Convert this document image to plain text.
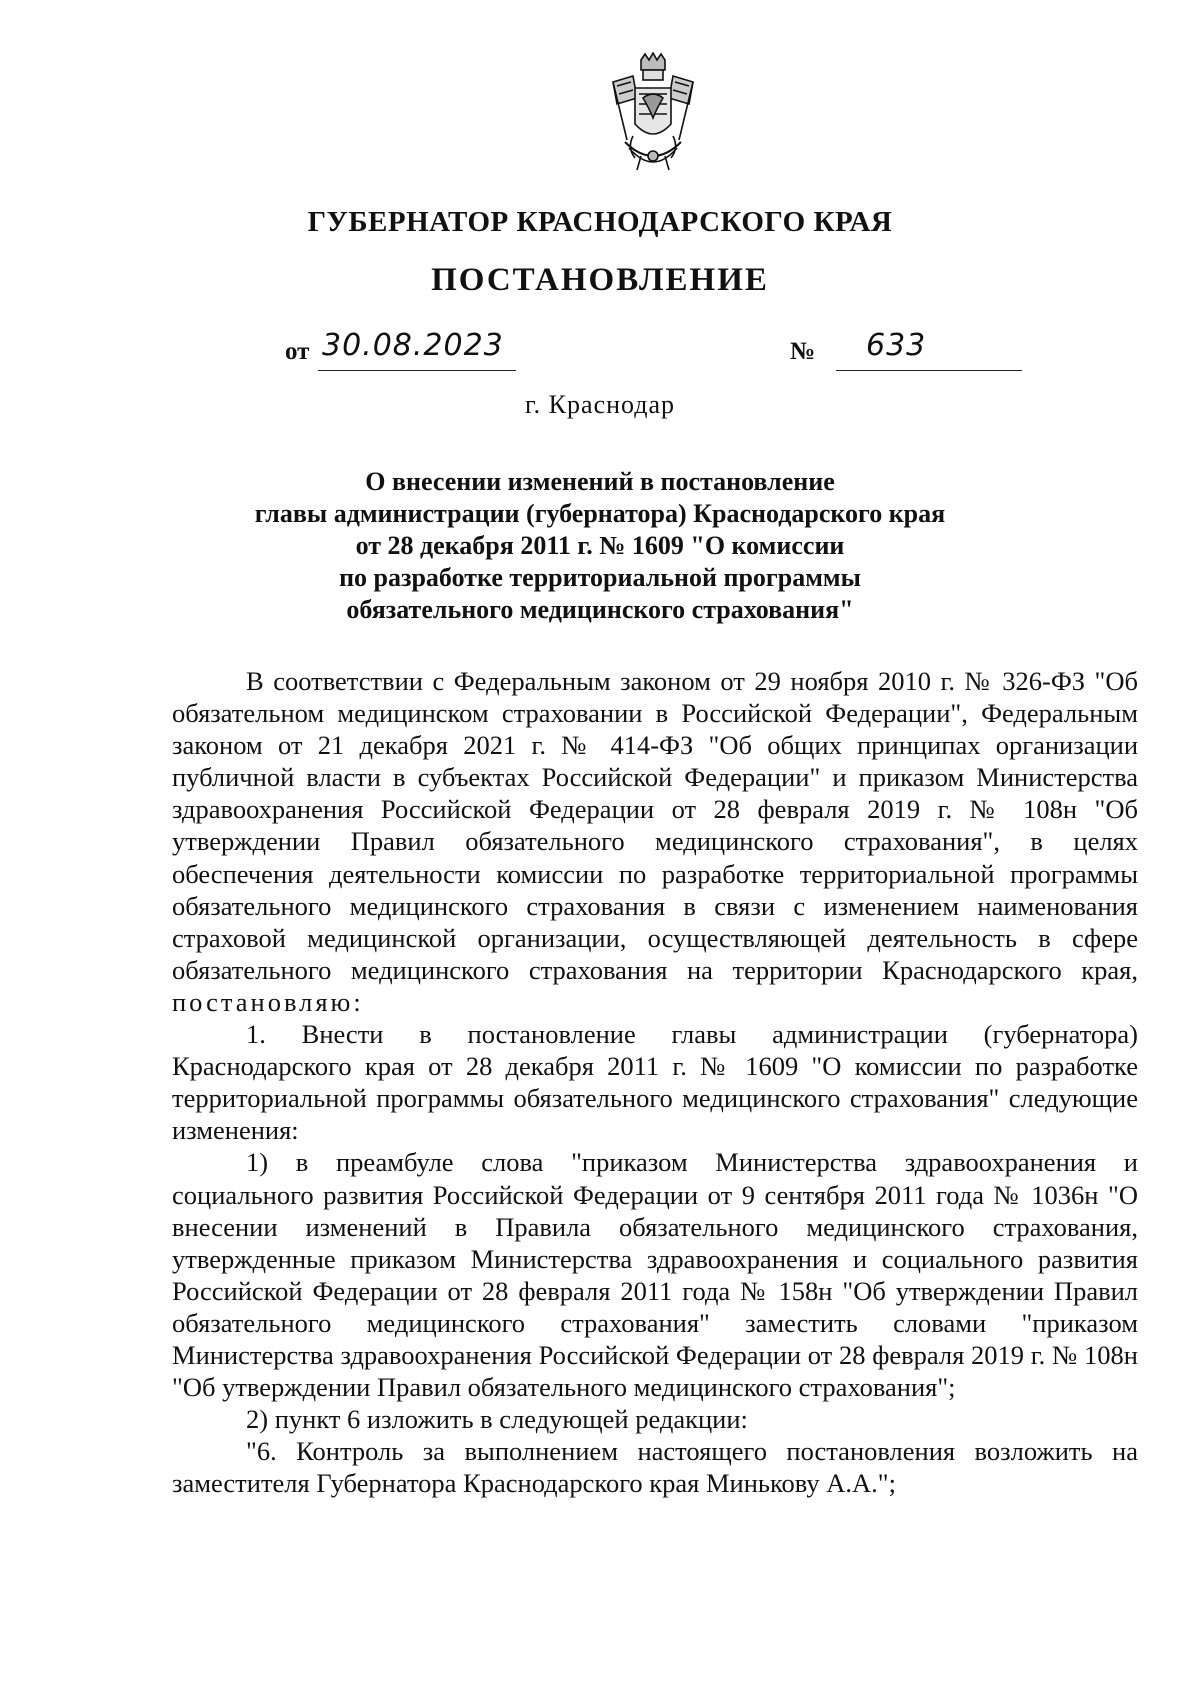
ГУБЕРНАТОР КРАСНОДАРСКОГО КРАЯ
ПОСТАНОВЛЕНИЕ
от 30.08.2023	№ 633
г. Краснодар
О внесении изменений в постановление
главы администрации (губернатора) Краснодарского края
от 28 декабря 2011 г. № 1609 "О комиссии
по разработке территориальной программы
обязательного медицинского страхования"

В соответствии с Федеральным законом от 29 ноября 2010 г. № 326-ФЗ "Об обязательном медицинском страховании в Российской Федерации", Федеральным законом от 21 декабря 2021 г. № 414-ФЗ "Об общих принципах организации публичной власти в субъектах Российской Федерации" и приказом Министерства здравоохранения Российской Федерации от 28 февраля 2019 г. № 108н "Об утверждении Правил обязательного медицинского страхования", в целях обеспечения деятельности комиссии по разработке территориальной программы обязательного медицинского страхования в связи с изменением наименования страховой медицинской организации, осуществляющей деятельность в сфере обязательного медицинского страхования на территории Краснодарского края, постановляю:

1. Внести в постановление главы администрации (губернатора) Краснодарского края от 28 декабря 2011 г. № 1609 "О комиссии по разработке территориальной программы обязательного медицинского страхования" следующие изменения:

1) в преамбуле слова "приказом Министерства здравоохранения и социального развития Российской Федерации от 9 сентября 2011 года № 1036н "О внесении изменений в Правила обязательного медицинского страхования, утвержденные приказом Министерства здравоохранения и социального развития Российской Федерации от 28 февраля 2011 года № 158н "Об утверждении Правил обязательного медицинского страхования" заместить словами "приказом Министерства здравоохранения Российской Федерации от 28 февраля 2019 г. № 108н "Об утверждении Правил обязательного медицинского страхования";

2) пункт 6 изложить в следующей редакции:

"6. Контроль за выполнением настоящего постановления возложить на заместителя Губернатора Краснодарского края Минькову А.А.";
